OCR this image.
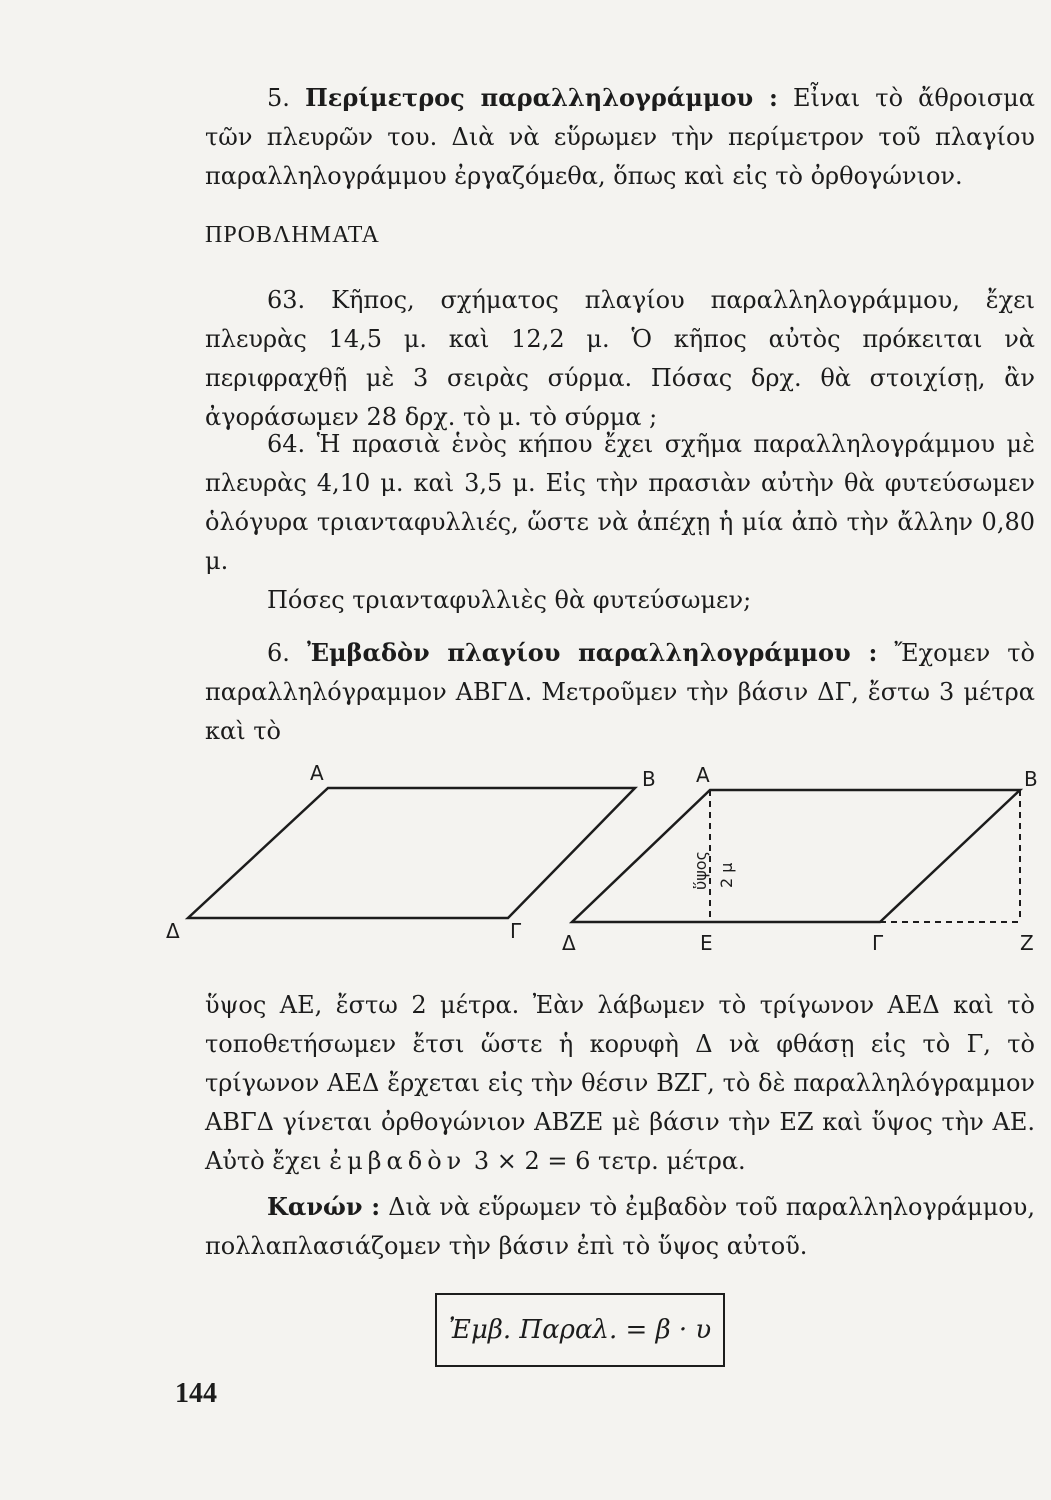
5. Περίμετρος παραλληλογράμμου : Εἶναι τὸ ἄθροισμα τῶν πλευρῶν του. Διὰ νὰ εὕρωμεν τὴν περίμετρον τοῦ πλαγίου παραλληλογράμμου ἐργαζόμεθα, ὅπως καὶ εἰς τὸ ὀρθογώνιον.

ΠΡΟΒΛΗΜΑΤΑ

63. Κῆπος, σχήματος πλαγίου παραλληλογράμμου, ἔχει πλευρὰς 14,5 μ. καὶ 12,2 μ. Ὁ κῆπος αὐτὸς πρόκειται νὰ περιφραχθῇ μὲ 3 σειρὰς σύρμα. Πόσας δρχ. θὰ στοιχίσῃ, ἂν ἀγοράσωμεν 28 δρχ. τὸ μ. τὸ σύρμα ;

64. Ἡ πρασιὰ ἑνὸς κήπου ἔχει σχῆμα παραλληλογράμμου μὲ πλευρὰς 4,10 μ. καὶ 3,5 μ. Εἰς τὴν πρασιὰν αὐτὴν θὰ φυτεύσωμεν ὁλόγυρα τριανταφυλλιές, ὥστε νὰ ἀπέχῃ ἡ μία ἀπὸ τὴν ἄλλην 0,80 μ.

Πόσες τριανταφυλλιὲς θὰ φυτεύσωμεν;

6. Ἐμβαδὸν πλαγίου παραλληλογράμμου : Ἔχομεν τὸ παραλληλόγραμμον ΑΒΓΔ. Μετροῦμεν τὴν βάσιν ΔΓ, ἔστω 3 μέτρα καὶ τὸ

A	B
Γ
Δ
A	B
Γ
Δ	E	Z
ὕψος 2 μ

ὕψος ΑΕ, ἔστω 2 μέτρα. Ἐὰν λάβωμεν τὸ τρίγωνον ΑΕΔ καὶ τὸ τοποθετήσωμεν ἔτσι ὥστε ἡ κορυφὴ Δ νὰ φθάσῃ εἰς τὸ Γ, τὸ τρίγωνον ΑΕΔ ἔρχεται εἰς τὴν θέσιν ΒΖΓ, τὸ δὲ παραλληλόγραμμον ΑΒΓΔ γίνεται ὀρθογώνιον ΑΒΖΕ μὲ βάσιν τὴν ΕΖ καὶ ὕψος τὴν ΑΕ. Αὐτὸ ἔχει ἐμβαδὸν 3 × 2 = 6 τετρ. μέτρα.

Κανών : Διὰ νὰ εὕρωμεν τὸ ἐμβαδὸν τοῦ παραλληλογράμμου, πολλαπλασιάζομεν τὴν βάσιν ἐπὶ τὸ ὕψος αὐτοῦ.

Ἐμβ. Παραλ. = β · υ
144
